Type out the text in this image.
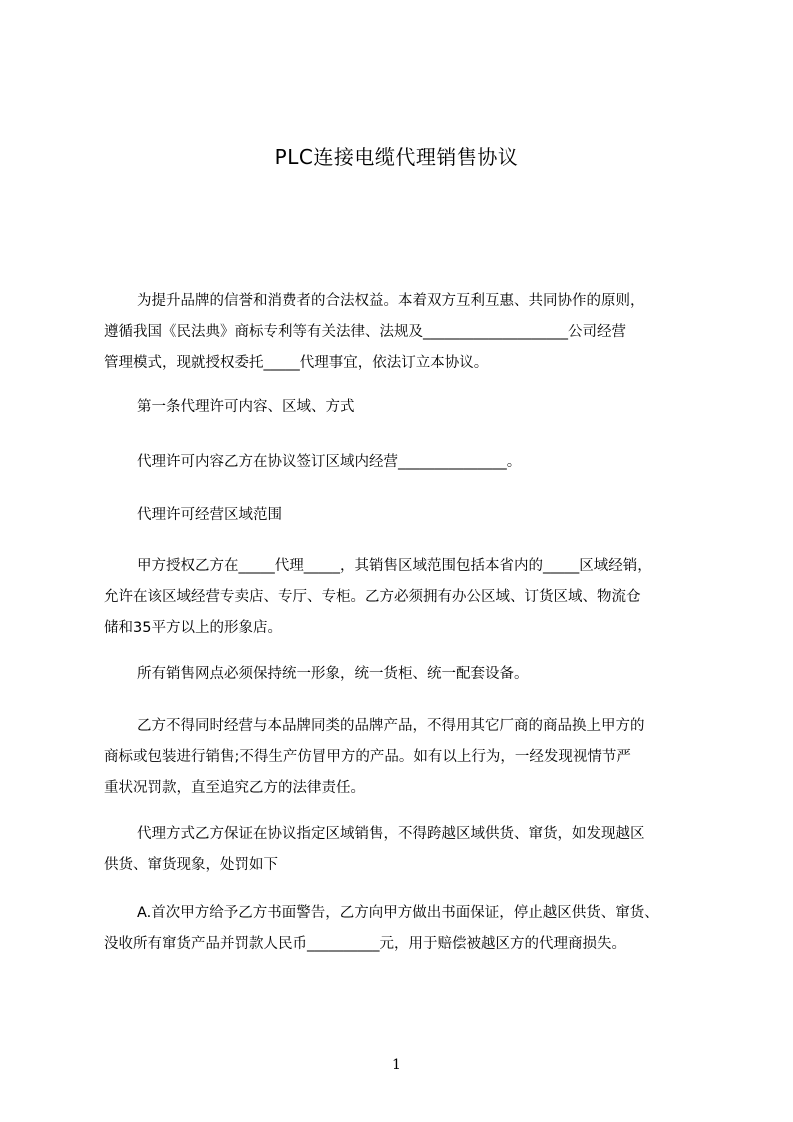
PLC连接电缆代理销售协议

为提升品牌的信誉和消费者的合法权益。本着双方互利互惠、共同协作的原则，
遵循我国《民法典》商标专利等有关法律、法规及____________________公司经营
管理模式，现就授权委托_____代理事宜，依法订立本协议。

第一条代理许可内容、区域、方式

代理许可内容乙方在协议签订区域内经营_______________。

代理许可经营区域范围

甲方授权乙方在_____代理_____，其销售区域范围包括本省内的_____区域经销，
允许在该区域经营专卖店、专厅、专柜。乙方必须拥有办公区域、订货区域、物流仓
储和35平方以上的形象店。

所有销售网点必须保持统一形象，统一货柜、统一配套设备。

乙方不得同时经营与本品牌同类的品牌产品，不得用其它厂商的商品换上甲方的
商标或包装进行销售;不得生产仿冒甲方的产品。如有以上行为，一经发现视情节严
重状况罚款，直至追究乙方的法律责任。

代理方式乙方保证在协议指定区域销售，不得跨越区域供货、窜货，如发现越区
供货、窜货现象，处罚如下

A.首次甲方给予乙方书面警告，乙方向甲方做出书面保证，停止越区供货、窜货、
没收所有窜货产品并罚款人民币__________元，用于赔偿被越区方的代理商损失。

1
